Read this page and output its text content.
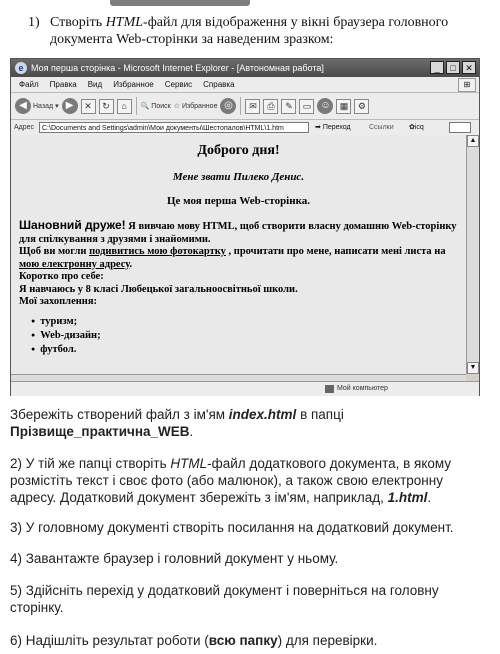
1) Створіть HTML-файл для відображення у вікні браузера головного
документа Web-сторінки за наведеним зразком:
e Моя перша сторінка - Microsoft Internet Explorer - [Автономная работа]	_	□	✕
Файл Правка Вид Избранное Сервис Справка	⊞
◀ Назад ▾ ▶	✕	↻	⌂	🔍 Поиск ☆ Избранное ◎	✉	⎙	✎	▭ ☺	▦	⚙
Адрес	C:\Documents and Settings\admin\Мои документы\Шестопалов\HTML\1.htm	➡ Переход	Ссылки ✿icq
Доброго дня!
Мене звати Пилеко Денис.
Це моя перша Web-сторінка.
Шановний друже! Я вивчаю мову HTML, щоб створити власну домашню Web-сторінку для спілкування з друзями і знайомими.
Щоб ви могли подивитись мою фотокартку , прочитати про мене, написати мені листа на мою електронну адресу.
Коротко про себе:
Я навчаюсь у 8 класі Любецької загальноосвітньої школи.
Мої захоплення:
● туризм;
● Web-дизайн;
● футбол.
▲
▼
Мой компьютер
Збережіть створений файл з ім'ям index.html в папці Прізвище_практична_WEB.
2) У тій же папці створіть HTML-файл додаткового документа, в якому розмістіть текст і своє фото (або малюнок), а також свою електронну адресу. Додатковий документ збережіть з ім'ям, наприклад, 1.html.
3) У головному документі створіть посилання на додатковий документ.
4) Завантажте браузер і головний документ у ньому.
5) Здійсніть перехід у додатковий документ і поверніться на головну сторінку.
6) Надішліть результат роботи (всю папку) для перевірки.
